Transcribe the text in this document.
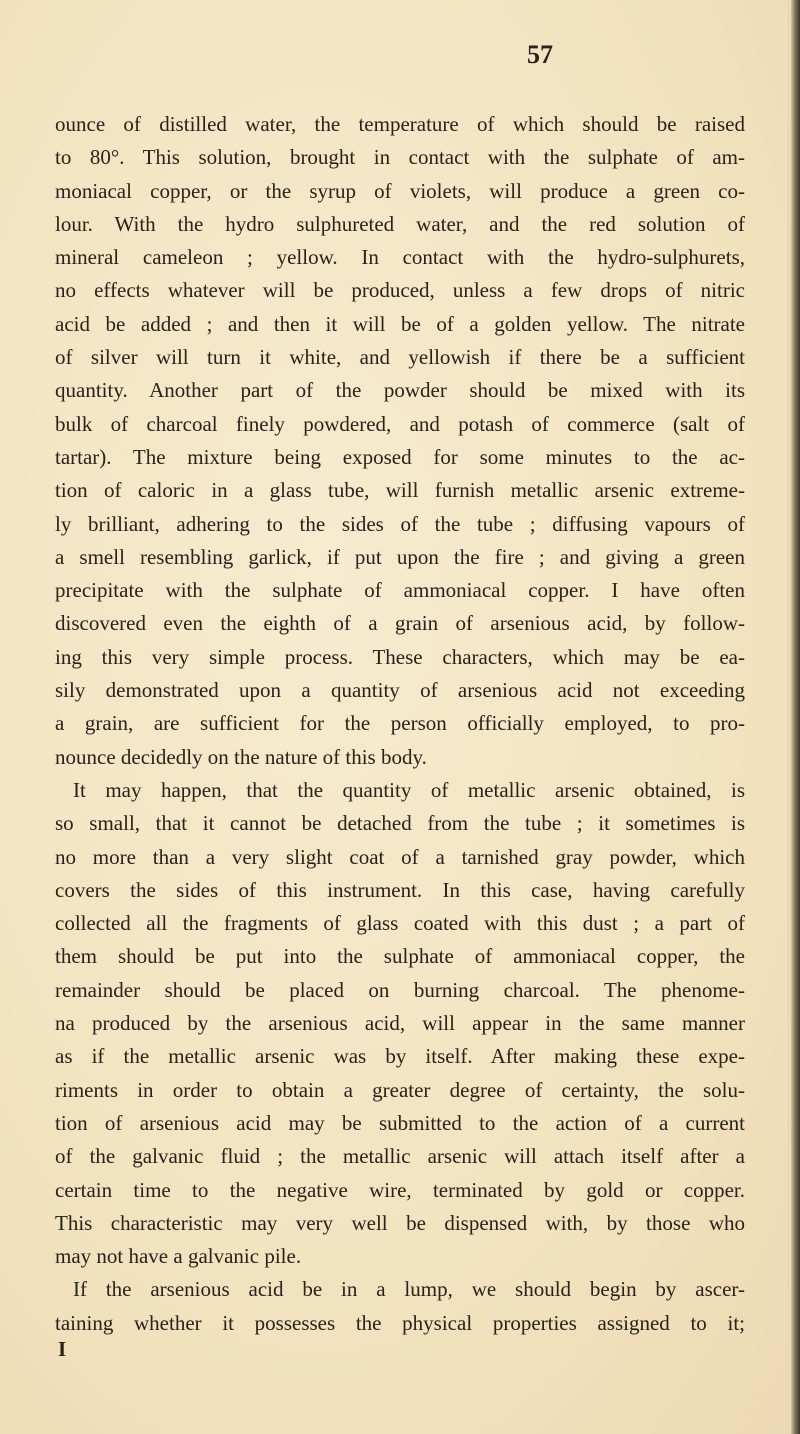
57
ounce of distilled water, the temperature of which should be raised
to 80°. This solution, brought in contact with the sulphate of am-
moniacal copper, or the syrup of violets, will produce a green co-
lour. With the hydro sulphureted water, and the red solution of
mineral cameleon ; yellow. In contact with the hydro-sulphurets,
no effects whatever will be produced, unless a few drops of nitric
acid be added ; and then it will be of a golden yellow. The nitrate
of silver will turn it white, and yellowish if there be a sufficient
quantity. Another part of the powder should be mixed with its
bulk of charcoal finely powdered, and potash of commerce (salt of
tartar). The mixture being exposed for some minutes to the ac-
tion of caloric in a glass tube, will furnish metallic arsenic extreme-
ly brilliant, adhering to the sides of the tube ; diffusing vapours of
a smell resembling garlick, if put upon the fire ; and giving a green
precipitate with the sulphate of ammoniacal copper. I have often
discovered even the eighth of a grain of arsenious acid, by follow-
ing this very simple process. These characters, which may be ea-
sily demonstrated upon a quantity of arsenious acid not exceeding
a grain, are sufficient for the person officially employed, to pro-
nounce decidedly on the nature of this body.
It may happen, that the quantity of metallic arsenic obtained, is
so small, that it cannot be detached from the tube ; it sometimes is
no more than a very slight coat of a tarnished gray powder, which
covers the sides of this instrument. In this case, having carefully
collected all the fragments of glass coated with this dust ; a part of
them should be put into the sulphate of ammoniacal copper, the
remainder should be placed on burning charcoal. The phenome-
na produced by the arsenious acid, will appear in the same manner
as if the metallic arsenic was by itself. After making these expe-
riments in order to obtain a greater degree of certainty, the solu-
tion of arsenious acid may be submitted to the action of a current
of the galvanic fluid ; the metallic arsenic will attach itself after a
certain time to the negative wire, terminated by gold or copper.
This characteristic may very well be dispensed with, by those who
may not have a galvanic pile.
If the arsenious acid be in a lump, we should begin by ascer-
taining whether it possesses the physical properties assigned to it;
I
